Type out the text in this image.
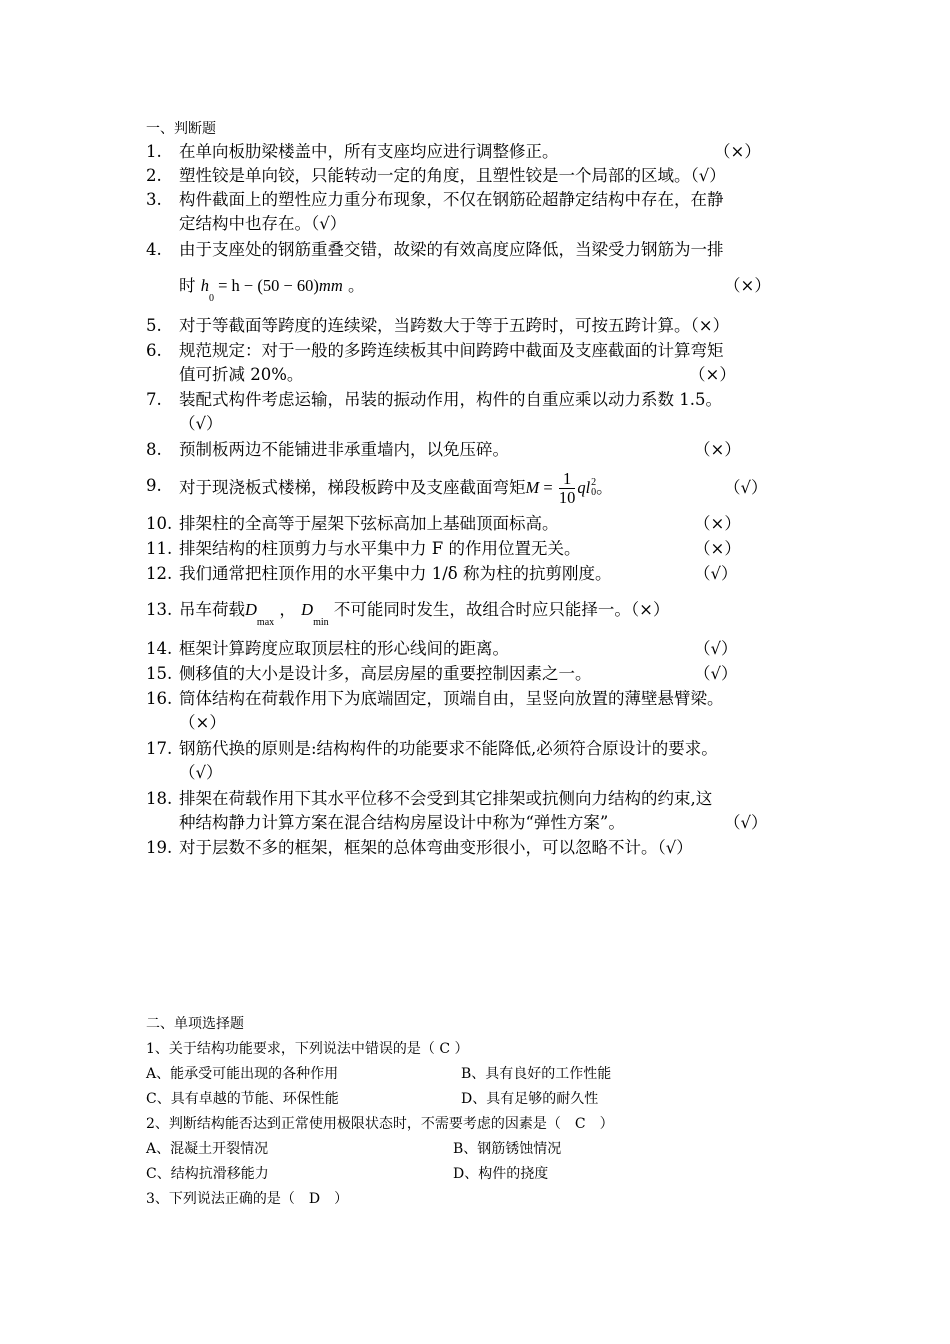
一、判断题
1. 在单向板肋梁楼盖中，所有支座均应进行调整修正。	（×）
2. 塑性铰是单向铰，只能转动一定的角度，且塑性铰是一个局部的区域。（√）
3. 构件截面上的塑性应力重分布现象，不仅在钢筋砼超静定结构中存在，在静
定结构中也存在。（√）
4. 由于支座处的钢筋重叠交错，故梁的有效高度应降低，当梁受力钢筋为一排
时 $h_0 = h - (50 - 60)mm$ 。	（×）
5. 对于等截面等跨度的连续梁，当跨数大于等于五跨时，可按五跨计算。（×）
6. 规范规定：对于一般的多跨连续板其中间跨跨中截面及支座截面的计算弯矩
值可折减 20%。	（×）
7. 装配式构件考虑运输，吊装的振动作用，构件的自重应乘以动力系数 1.5。
（√）
8. 预制板两边不能铺进非承重墙内，以免压碎。	（×）
9. 对于现浇板式楼梯，梯段板跨中及支座截面弯矩 $M = \frac{1}{10}$ ql 2
0 。	（√）
10. 排架柱的全高等于屋架下弦标高加上基础顶面标高。	（×）
11. 排架结构的柱顶剪力与水平集中力 F 的作用位置无关。	（×）
12. 我们通常把柱顶作用的水平集中力 1/δ 称为柱的抗剪刚度。	（√）
13. 吊车荷载$D_{max}$ ， $D_{min}$ 不可能同时发生，故组合时应只能择一。（×）
14. 框架计算跨度应取顶层柱的形心线间的距离。	（√）
15. 侧移值的大小是设计多，高层房屋的重要控制因素之一。	（√）
16. 筒体结构在荷载作用下为底端固定，顶端自由，呈竖向放置的薄壁悬臂梁。
（×）
17. 钢筋代换的原则是:结构构件的功能要求不能降低,必须符合原设计的要求。
（√）
18. 排架在荷载作用下其水平位移不会受到其它排架或抗侧向力结构的约束,这
种结构静力计算方案在混合结构房屋设计中称为“弹性方案”。	（√）
19. 对于层数不多的框架，框架的总体弯曲变形很小，可以忽略不计。（√）
二、单项选择题
1、关于结构功能要求，下列说法中错误的是（ C ）
A、能承受可能出现的各种作用	B、具有良好的工作性能
C、具有卓越的节能、环保性能	D、具有足够的耐久性
2、判断结构能否达到正常使用极限状态时，不需要考虑的因素是（　C　）
A、混凝土开裂情况	B、钢筋锈蚀情况
C、结构抗滑移能力	D、构件的挠度
3、下列说法正确的是（　D　）
